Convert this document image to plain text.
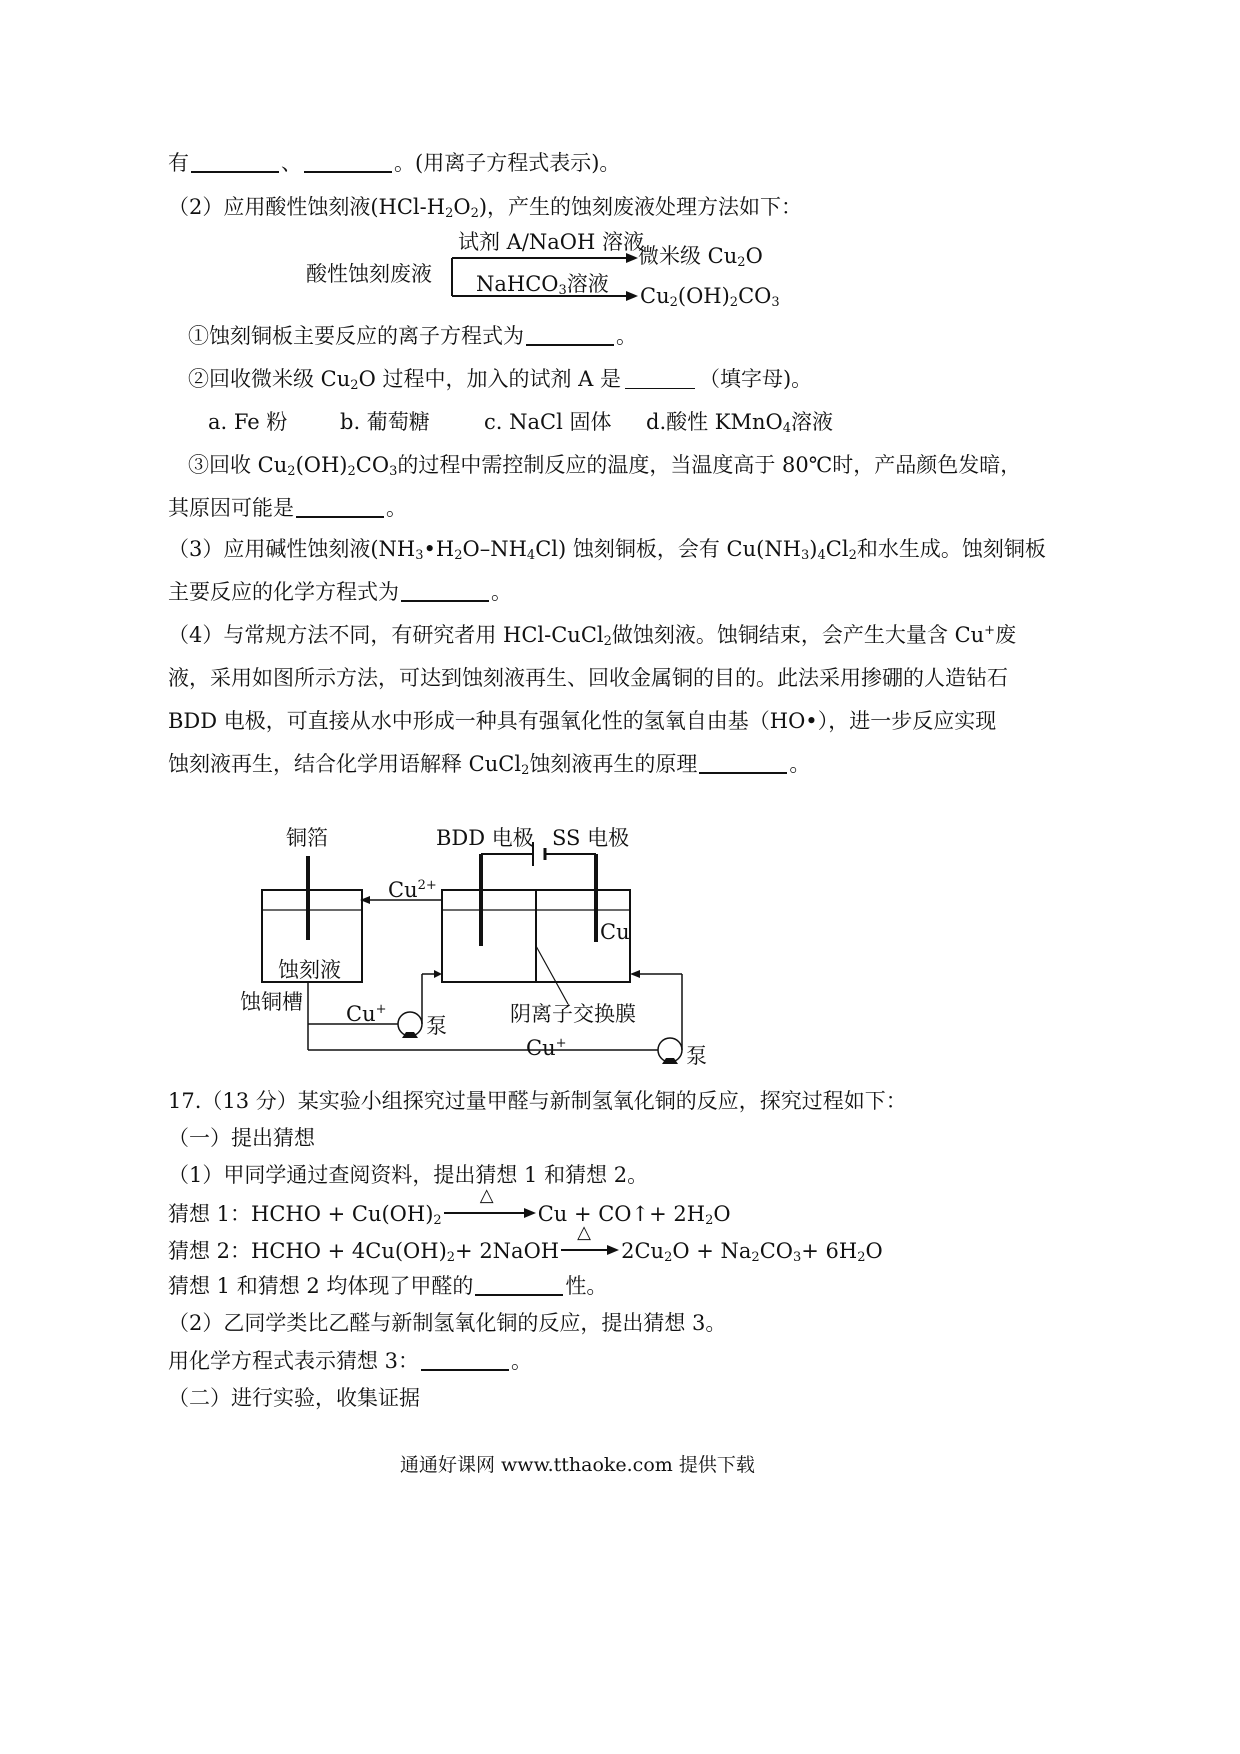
有	、	。(用离子方程式表示)。
（2）应用酸性蚀刻液$(HCl-H_2O_2)$，产生的蚀刻废液处理方法如下：
酸性蚀刻废液
试剂 A/NaOH 溶液
微米级 $Cu_2O$
NaHCO$_3$溶液 $Cu_2(OH)_2CO_3$
①蚀刻铜板主要反应的离子方程式为	。
②回收微米级 $Cu_2O$ 过程中，加入的试剂 A 是	（填字母)。
a. Fe 粉	b. 葡萄糖	c. NaCl 固体 d.酸性 KMnO$_4$溶液
③回收 $Cu_2(OH)_2CO_3$的过程中需控制反应的温度，当温度高于 80℃时，产品颜色发暗，
其原因可能是	。
（3）应用碱性蚀刻液$(NH_3•H_2O-NH_4Cl)$ 蚀刻铜板，会有 $Cu(NH_3)_4Cl_2$和水生成。蚀刻铜板
主要反应的化学方程式为	。
（4）与常规方法不同，有研究者用 HCl-CuCl$_2$做蚀刻液。蚀铜结束，会产生大量含 Cu+废
液，采用如图所示方法，可达到蚀刻液再生、回收金属铜的目的。此法采用掺硼的人造钻石
BDD 电极，可直接从水中形成一种具有强氧化性的氢氧自由基（HO•），进一步反应实现
蚀刻液再生，结合化学用语解释 CuCl$_2$蚀刻液再生的原理	。
铜箔	BDD 电极 SS 电极
$Cu^{2+}$
Cu
蚀刻液
蚀铜槽 Cu+
泵	阴离子交换膜
Cu+
泵
17.（13 分）某实验小组探究过量甲醛与新制氢氧化铜的反应，探究过程如下：
（一）提出猜想
（1）甲同学通过查阅资料，提出猜想 1 和猜想 2。
猜想 1：HCHO + $Cu(OH)_2$
△
Cu + CO↑+ $2H_2O$
猜想 2：HCHO + $4Cu(OH)_2+$ 2NaOH
△
$2Cu_2O + Na_2CO_3+ 6H_2O$
猜想 1 和猜想 2 均体现了甲醛的	性。
（2）乙同学类比乙醛与新制氢氧化铜的反应，提出猜想 3。
用化学方程式表示猜想 3：	。
（二）进行实验，收集证据
通通好课网 www.tthaoke.com 提供下载
